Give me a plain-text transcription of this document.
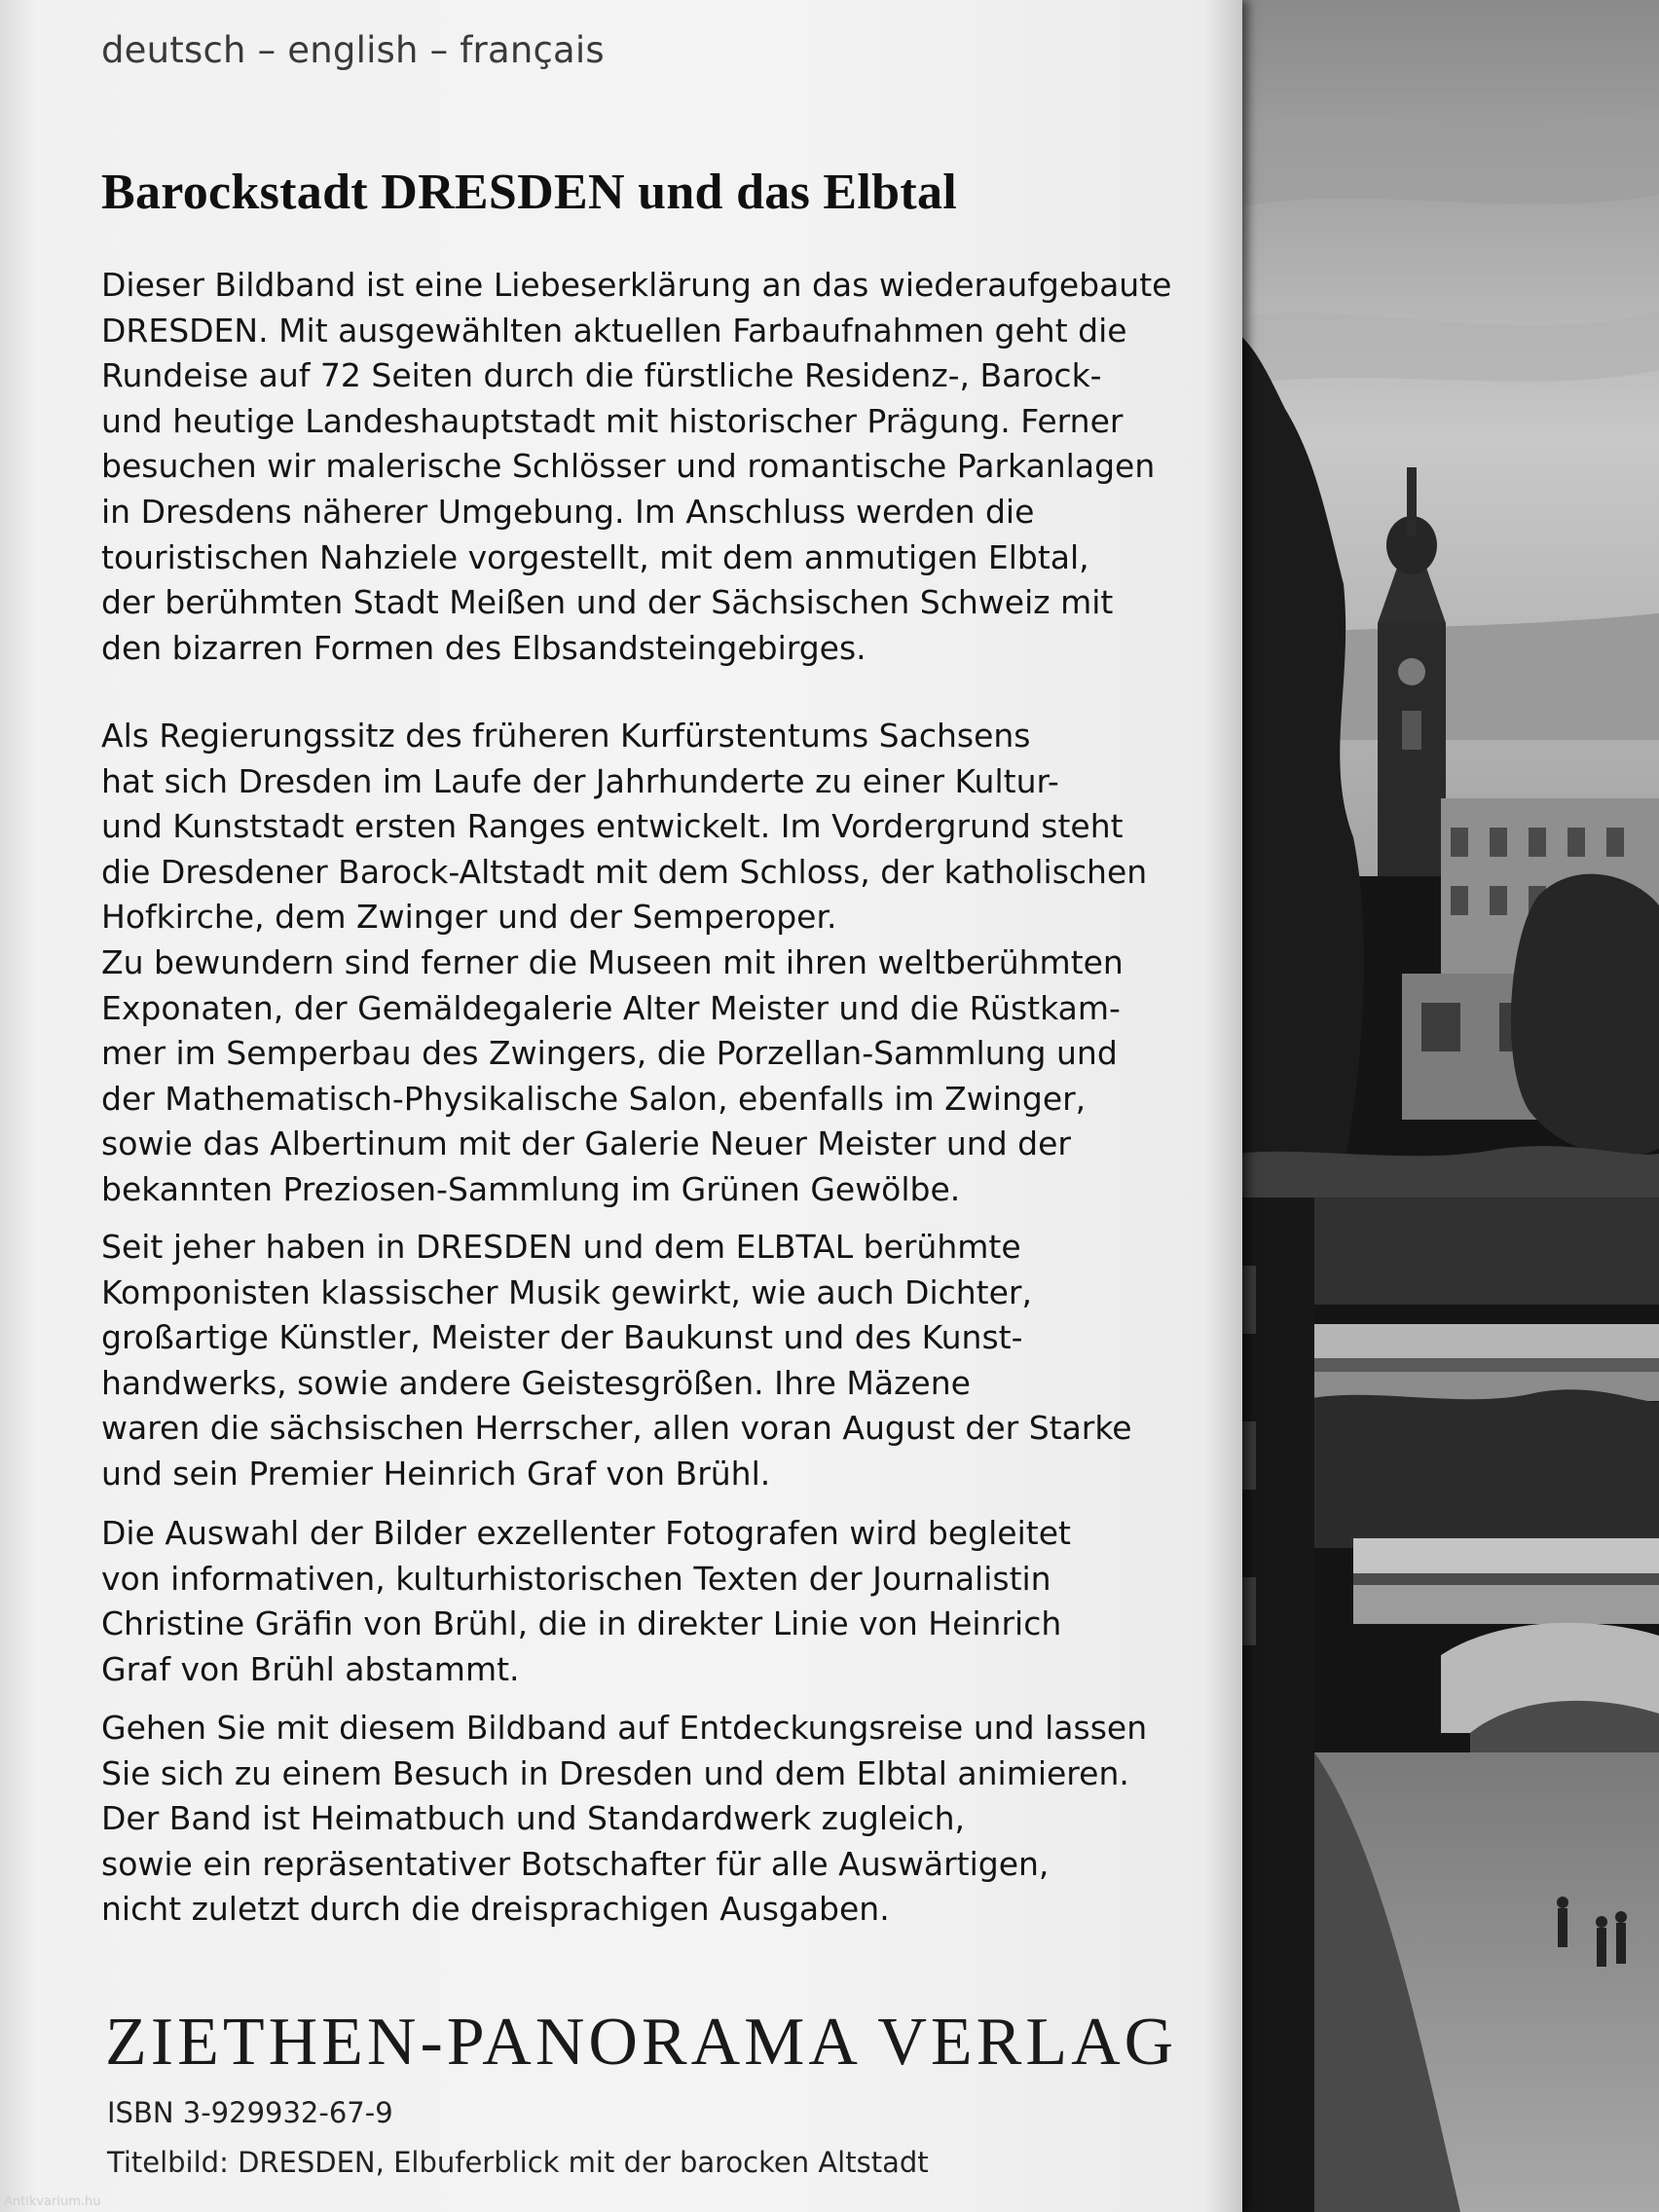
deutsch – english – français
Barockstadt DRESDEN und das Elbtal

Dieser Bildband ist eine Liebeserklärung an das wiederaufgebaute
DRESDEN. Mit ausgewählten aktuellen Farbaufnahmen geht die
Rundeise auf 72 Seiten durch die fürstliche Residenz-, Barock-
und heutige Landeshauptstadt mit historischer Prägung. Ferner
besuchen wir malerische Schlösser und romantische Parkanlagen
in Dresdens näherer Umgebung. Im Anschluss werden die
touristischen Nahziele vorgestellt, mit dem anmutigen Elbtal,
der berühmten Stadt Meißen und der Sächsischen Schweiz mit
den bizarren Formen des Elbsandsteingebirges.

Als Regierungssitz des früheren Kurfürstentums Sachsens
hat sich Dresden im Laufe der Jahrhunderte zu einer Kultur-
und Kunststadt ersten Ranges entwickelt. Im Vordergrund steht
die Dresdener Barock-Altstadt mit dem Schloss, der katholischen
Hofkirche, dem Zwinger und der Semperoper.
Zu bewundern sind ferner die Museen mit ihren weltberühmten
Exponaten, der Gemäldegalerie Alter Meister und die Rüstkam-
mer im Semperbau des Zwingers, die Porzellan-Sammlung und
der Mathematisch-Physikalische Salon, ebenfalls im Zwinger,
sowie das Albertinum mit der Galerie Neuer Meister und der
bekannten Preziosen-Sammlung im Grünen Gewölbe.

Seit jeher haben in DRESDEN und dem ELBTAL berühmte
Komponisten klassischer Musik gewirkt, wie auch Dichter,
großartige Künstler, Meister der Baukunst und des Kunst-
handwerks, sowie andere Geistesgrößen. Ihre Mäzene
waren die sächsischen Herrscher, allen voran August der Starke
und sein Premier Heinrich Graf von Brühl.

Die Auswahl der Bilder exzellenter Fotografen wird begleitet
von informativen, kulturhistorischen Texten der Journalistin
Christine Gräfin von Brühl, die in direkter Linie von Heinrich
Graf von Brühl abstammt.

Gehen Sie mit diesem Bildband auf Entdeckungsreise und lassen
Sie sich zu einem Besuch in Dresden und dem Elbtal animieren.
Der Band ist Heimatbuch und Standardwerk zugleich,
sowie ein repräsentativer Botschafter für alle Auswärtigen,
nicht zuletzt durch die dreisprachigen Ausgaben.

ZIETHEN-PANORAMA VERLAG
ISBN 3-929932-67-9
Titelbild: DRESDEN, Elbuferblick mit der barocken Altstadt
Antikvarium.hu
